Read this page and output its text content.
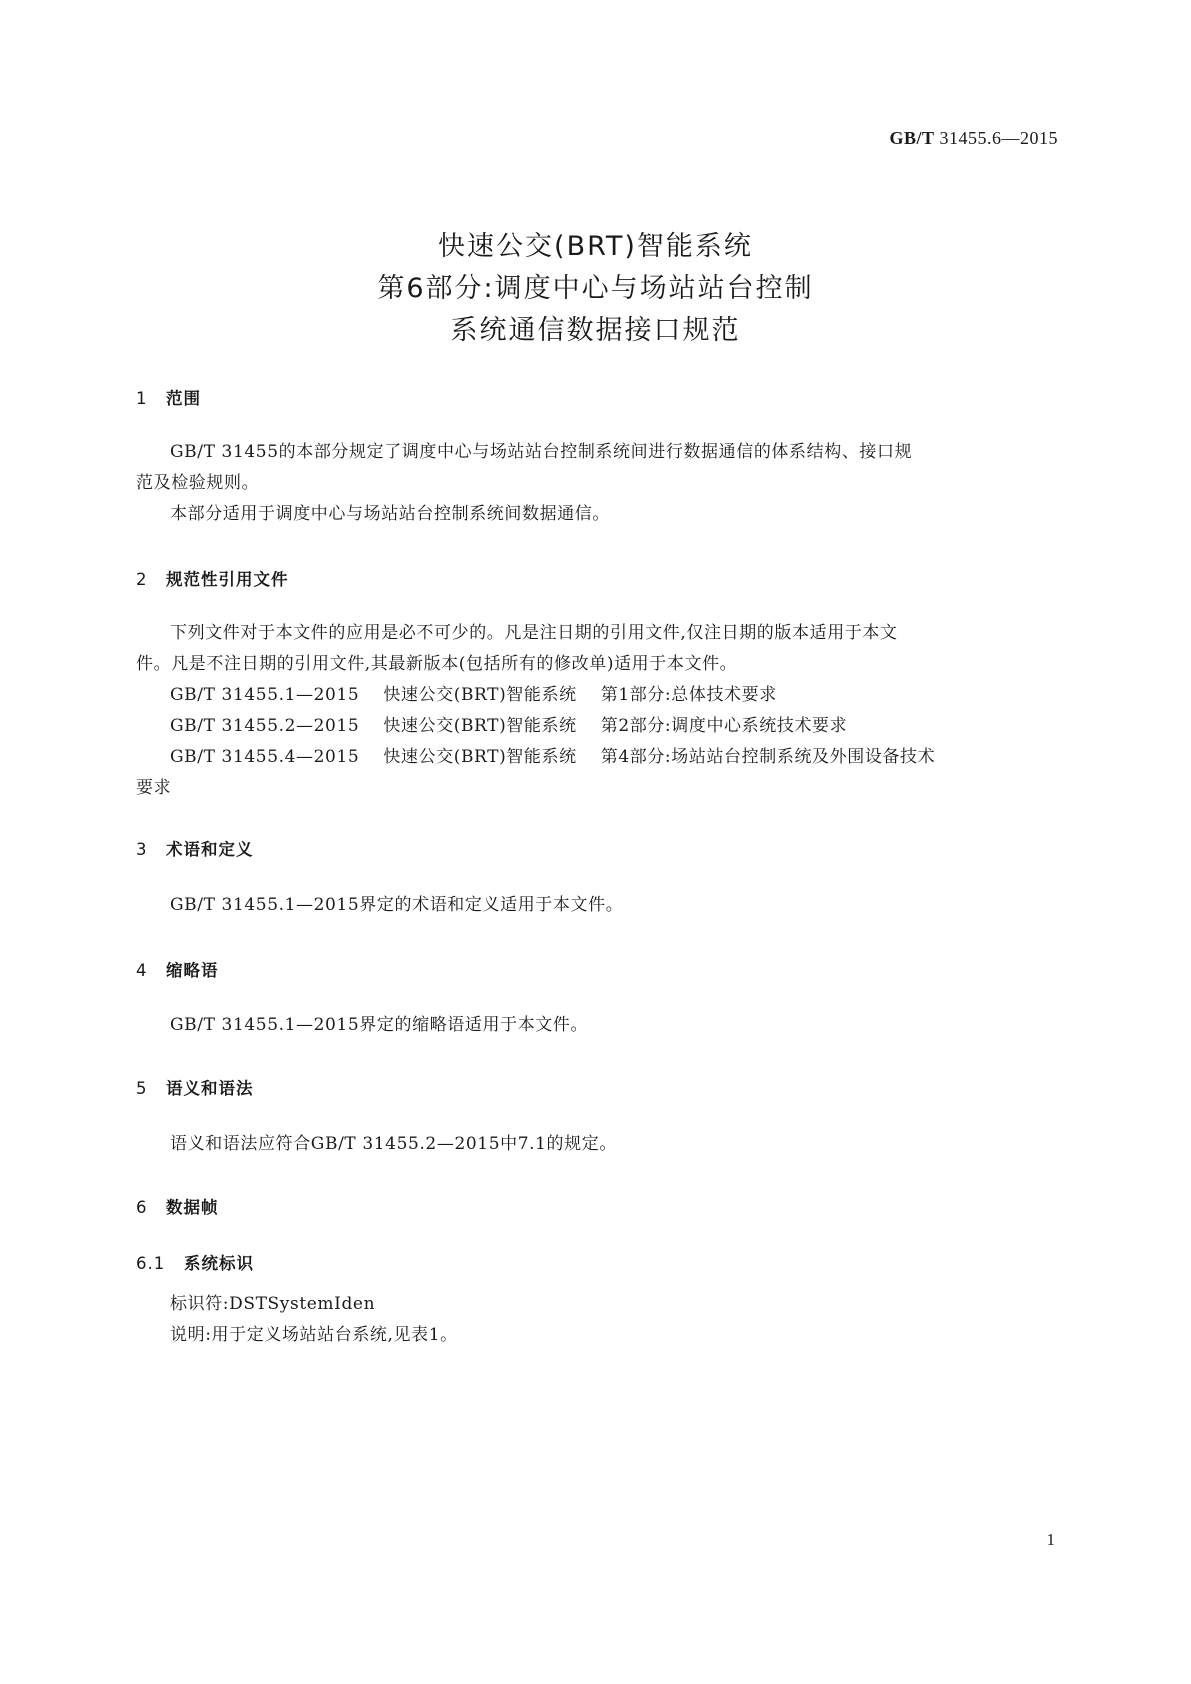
GB/T 31455.6—2015
快速公交(BRT)智能系统
第6部分:调度中心与场站站台控制
系统通信数据接口规范
1 范围

GB/T 31455的本部分规定了调度中心与场站站台控制系统间进行数据通信的体系结构、接口规

范及检验规则。

本部分适用于调度中心与场站站台控制系统间数据通信。

2 规范性引用文件

下列文件对于本文件的应用是必不可少的。凡是注日期的引用文件,仅注日期的版本适用于本文

件。凡是不注日期的引用文件,其最新版本(包括所有的修改单)适用于本文件。

GB/T 31455.1—2015 快速公交(BRT)智能系统 第1部分:总体技术要求

GB/T 31455.2—2015 快速公交(BRT)智能系统 第2部分:调度中心系统技术要求

GB/T 31455.4—2015 快速公交(BRT)智能系统 第4部分:场站站台控制系统及外围设备技术

要求

3 术语和定义

GB/T 31455.1—2015界定的术语和定义适用于本文件。

4 缩略语

GB/T 31455.1—2015界定的缩略语适用于本文件。

5 语义和语法

语义和语法应符合GB/T 31455.2—2015中7.1的规定。

6 数据帧
6.1 系统标识

标识符:DSTSystemIden

说明:用于定义场站站台系统,见表1。

1
